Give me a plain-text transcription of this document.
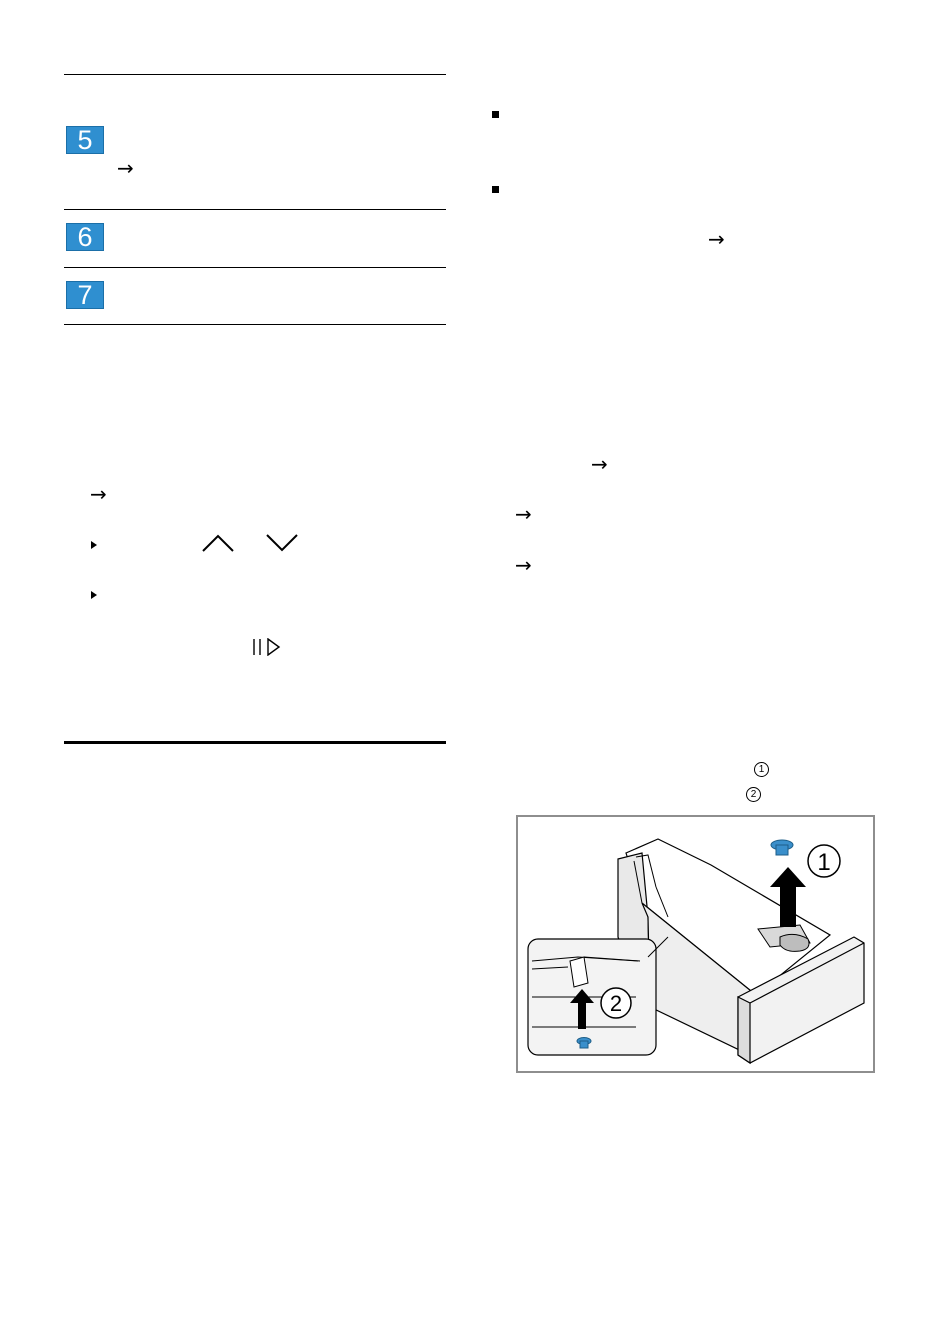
5
→
6
7
→
→
→
→
→
1
2
1
2
